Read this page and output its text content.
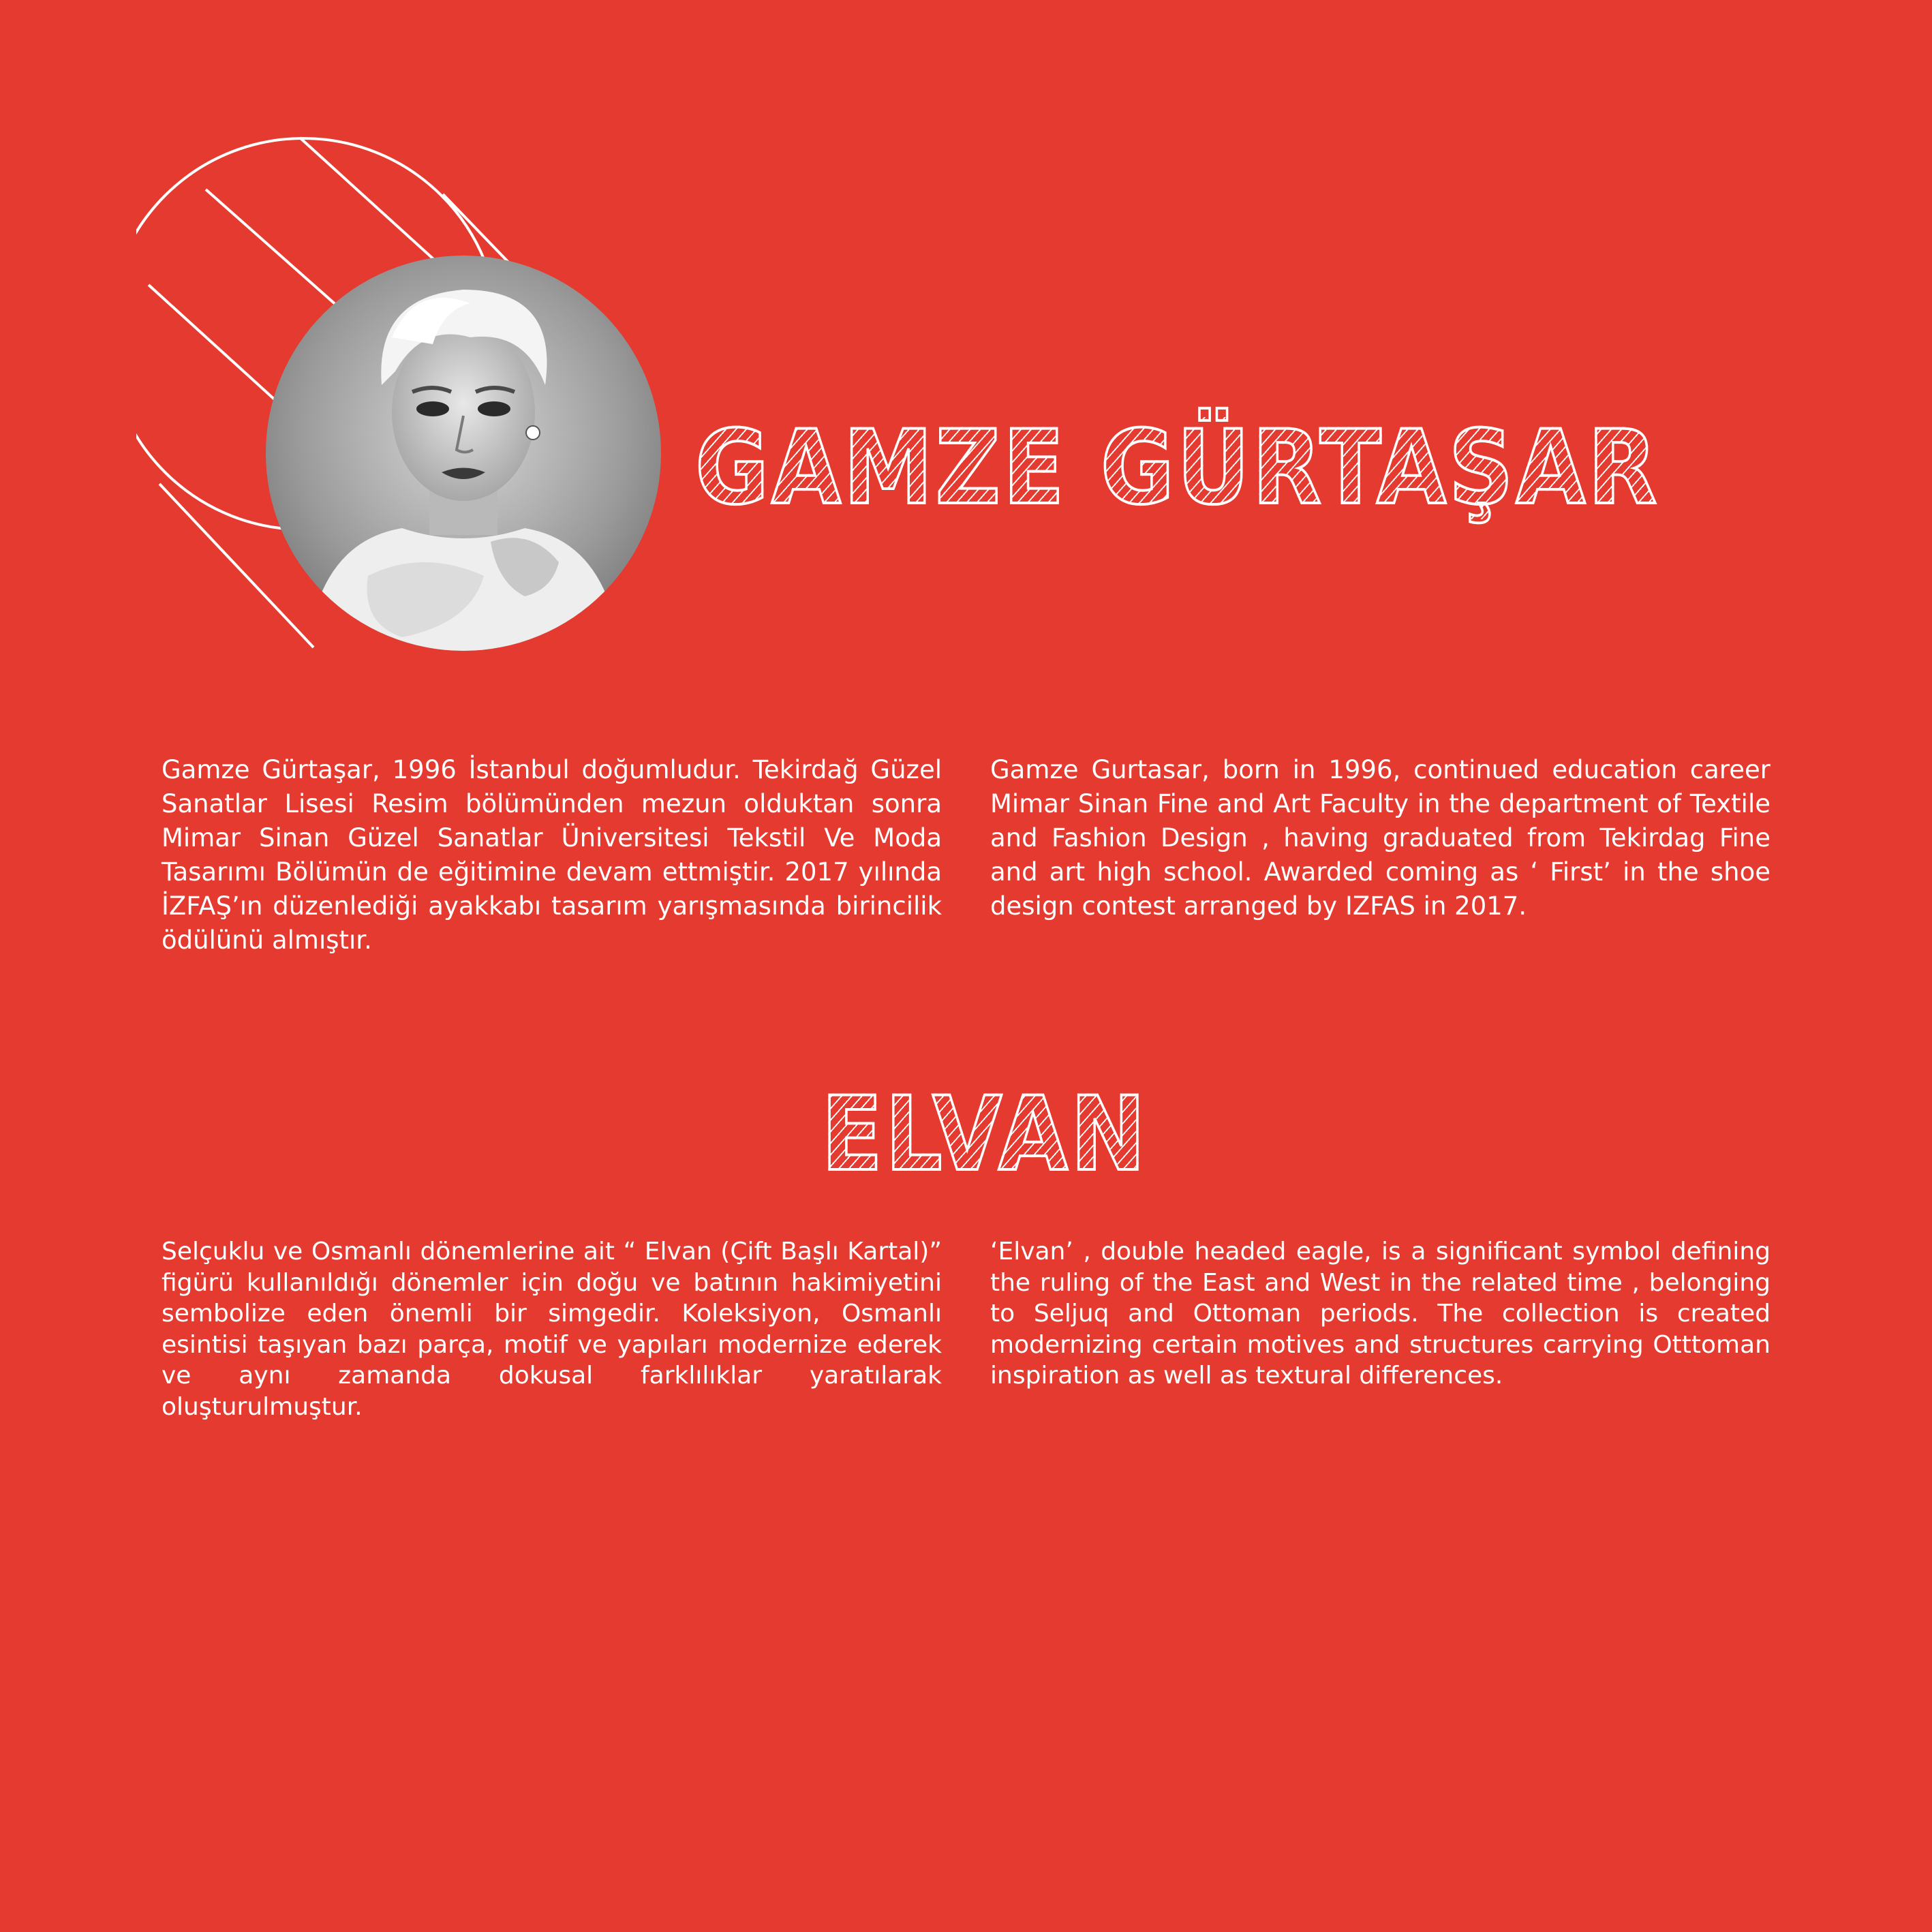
GAMZE GÜRTAŞAR

Gamze Gürtaşar, 1996 İstanbul doğumludur. Tekirdağ Güzel Sanatlar Lisesi Resim bölümünden mezun olduktan sonra Mimar Sinan Güzel Sanatlar Üniversitesi Tekstil Ve Moda Tasarımı Bölümün de eğitimine devam ettmiştir. 2017 yılında İZFAŞ’ın düzenlediği ayakkabı tasarım yarışmasında birincilik ödülünü almıştır.

Gamze Gurtasar, born in 1996, continued education career Mimar Sinan Fine and Art Faculty in the department of Textile and Fashion Design , having graduated from Tekirdag Fine and art high school. Awarded coming as ‘ First’ in the shoe design contest arranged by IZFAS in 2017.

ELVAN

Selçuklu ve Osmanlı dönemlerine ait “ Elvan (Çift Başlı Kartal)” figürü kullanıldığı dönemler için doğu ve batının hakimiyetini sembolize eden önemli bir simgedir. Koleksiyon, Osmanlı esintisi taşıyan bazı parça, motif ve yapıları modernize ederek ve aynı zamanda dokusal farklılıklar yaratılarak oluşturulmuştur.

‘Elvan’ , double headed eagle, is a significant symbol defining the ruling of the East and West in the related time , belonging to Seljuq and Ottoman periods. The collection is created modernizing certain motives and structures carrying Otttoman inspiration as well as textural differences.
